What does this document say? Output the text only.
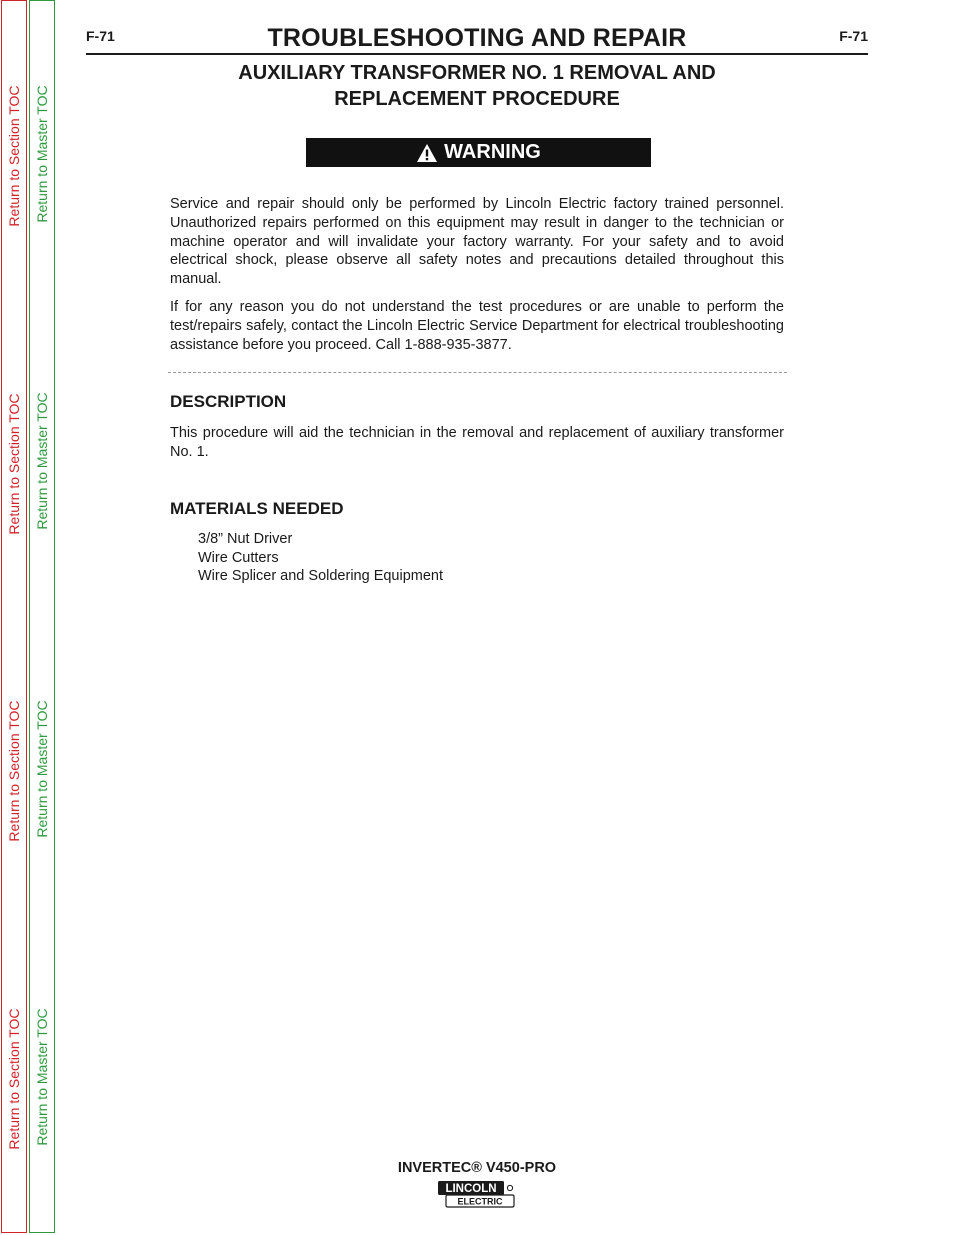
Return to Section TOC
Return to Section TOC
Return to Section TOC
Return to Section TOC
Return to Master TOC
Return to Master TOC
Return to Master TOC
Return to Master TOC
F-71	TROUBLESHOOTING AND REPAIR	F-71
AUXILIARY TRANSFORMER NO. 1 REMOVAL AND
REPLACEMENT PROCEDURE
WARNING

Service and repair should only be performed by Lincoln Electric factory trained personnel. Unauthorized repairs performed on this equipment may result in danger to the technician or machine operator and will invalidate your factory warranty. For your safety and to avoid electrical shock, please observe all safety notes and precautions detailed throughout this manual.

If for any reason you do not understand the test procedures or are unable to perform the test/repairs safely, contact the Lincoln Electric Service Department for electrical troubleshooting assistance before you proceed. Call 1-888-935-3877.

DESCRIPTION

This procedure will aid the technician in the removal and replacement of auxiliary transformer No. 1.

MATERIALS NEEDED
3/8” Nut Driver
Wire Cutters
Wire Splicer and Soldering Equipment
INVERTEC® V450-PRO
LINCOLN
ELECTRIC
